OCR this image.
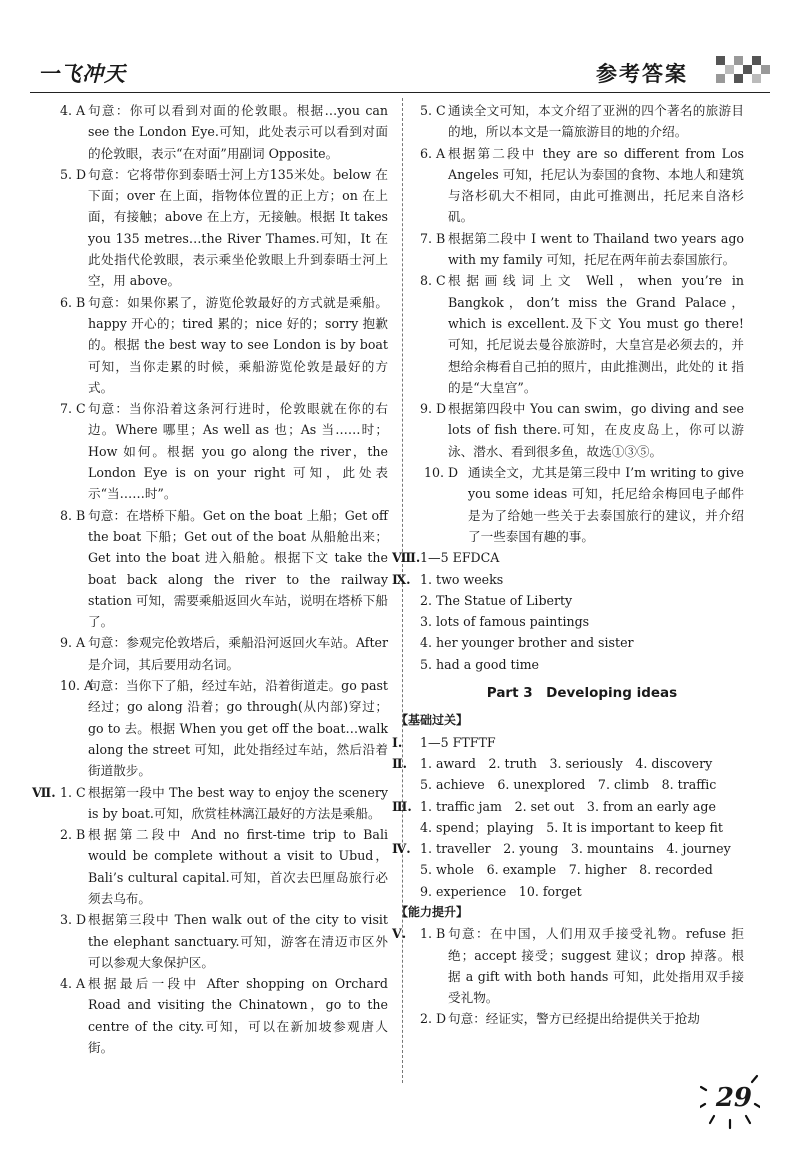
一飞冲天	参考答案
4. A 句意：你可以看到对面的伦敦眼。根据…you can see the London Eye.可知，此处表示可以看到对面的伦敦眼，表示“在对面”用副词 Opposite。
5. D 句意：它将带你到泰晤士河上方135米处。below 在下面；over 在上面，指物体位置的正上方；on 在上面，有接触；above 在上方，无接触。根据 It takes you 135 metres…the River Thames.可知，It 在此处指代伦敦眼，表示乘坐伦敦眼上升到泰晤士河上空，用 above。
6. B 句意：如果你累了，游览伦敦最好的方式就是乘船。happy 开心的；tired 累的；nice 好的；sorry 抱歉的。根据 the best way to see London is by boat 可知，当你走累的时候，乘船游览伦敦是最好的方式。
7. C 句意：当你沿着这条河行进时，伦敦眼就在你的右边。Where 哪里；As well as 也；As 当……时；How 如何。根据 you go along the river，the London Eye is on your right 可知，此处表示“当……时”。
8. B 句意：在塔桥下船。Get on the boat 上船；Get off the boat 下船；Get out of the boat 从船舱出来；Get into the boat 进入船舱。根据下文 take the boat back along the river to the railway station 可知，需要乘船返回火车站，说明在塔桥下船了。
9. A 句意：参观完伦敦塔后，乘船沿河返回火车站。After 是介词，其后要用动名词。
10. A
句意：当你下了船，经过车站，沿着街道走。go past 经过；go along 沿着；go through(从内部)穿过；go to 去。根据 When you get off the boat…walk along the street 可知，此处指经过车站，然后沿着街道散步。
Ⅶ. 1. C 根据第一段中 The best way to enjoy the scenery is by boat.可知，欣赏桂林漓江最好的方法是乘船。
2. B 根据第二段中 And no first-time trip to Bali would be complete without a visit to Ubud，Bali’s cultural capital.可知，首次去巴厘岛旅行必须去乌布。
3. D 根据第三段中 Then walk out of the city to visit the elephant sanctuary.可知，游客在清迈市区外可以参观大象保护区。
4. A 根据最后一段中 After shopping on Orchard Road and visiting the Chinatown，go to the centre of the city.可知，可以在新加坡参观唐人街。
5. C 通读全文可知，本文介绍了亚洲的四个著名的旅游目的地，所以本文是一篇旅游目的地的介绍。
6. A 根据第二段中 they are so different from Los Angeles 可知，托尼认为泰国的食物、本地人和建筑与洛杉矶大不相同，由此可推测出，托尼来自洛杉矶。
7. B 根据第二段中 I went to Thailand two years ago with my family 可知，托尼在两年前去泰国旅行。
8. C 根据画线词上文 Well，when you’re in Bangkok，don’t miss the Grand Palace，which is excellent.及下文 You must go there! 可知，托尼说去曼谷旅游时，大皇宫是必须去的，并想给余梅看自己拍的照片，由此推测出，此处的 it 指的是“大皇宫”。
9. D 根据第四段中 You can swim，go diving and see lots of fish there.可知，在皮皮岛上，你可以游泳、潜水、看到很多鱼，故选①③⑤。
10. D 通读全文，尤其是第三段中 I’m writing to give you some ideas 可知，托尼给余梅回电子邮件是为了给她一些关于去泰国旅行的建议，并介绍了一些泰国有趣的事。
Ⅷ. 1—5 EFDCA
Ⅸ. 1. two weeks
2. The Statue of Liberty
3. lots of famous paintings
4. her younger brother and sister
5. had a good time
Part 3　Developing ideas
【基础过关】
Ⅰ. 1—5 FTFTF
Ⅱ. 1. award　2. truth　3. seriously　4. discovery
5. achieve　6. unexplored　7. climb　8. traffic
Ⅲ. 1. traffic jam　2. set out　3. from an early age
4. spend；playing　5. It is important to keep fit
Ⅳ. 1. traveller　2. young　3. mountains　4. journey
5. whole　6. example　7. higher　8. recorded
9. experience　10. forget
【能力提升】
Ⅴ. 1. B 句意：在中国，人们用双手接受礼物。refuse 拒绝；accept 接受；suggest 建议；drop 掉落。根据 a gift with both hands 可知，此处指用双手接受礼物。
2. D 句意：经证实，警方已经提出给提供关于抢劫
29
